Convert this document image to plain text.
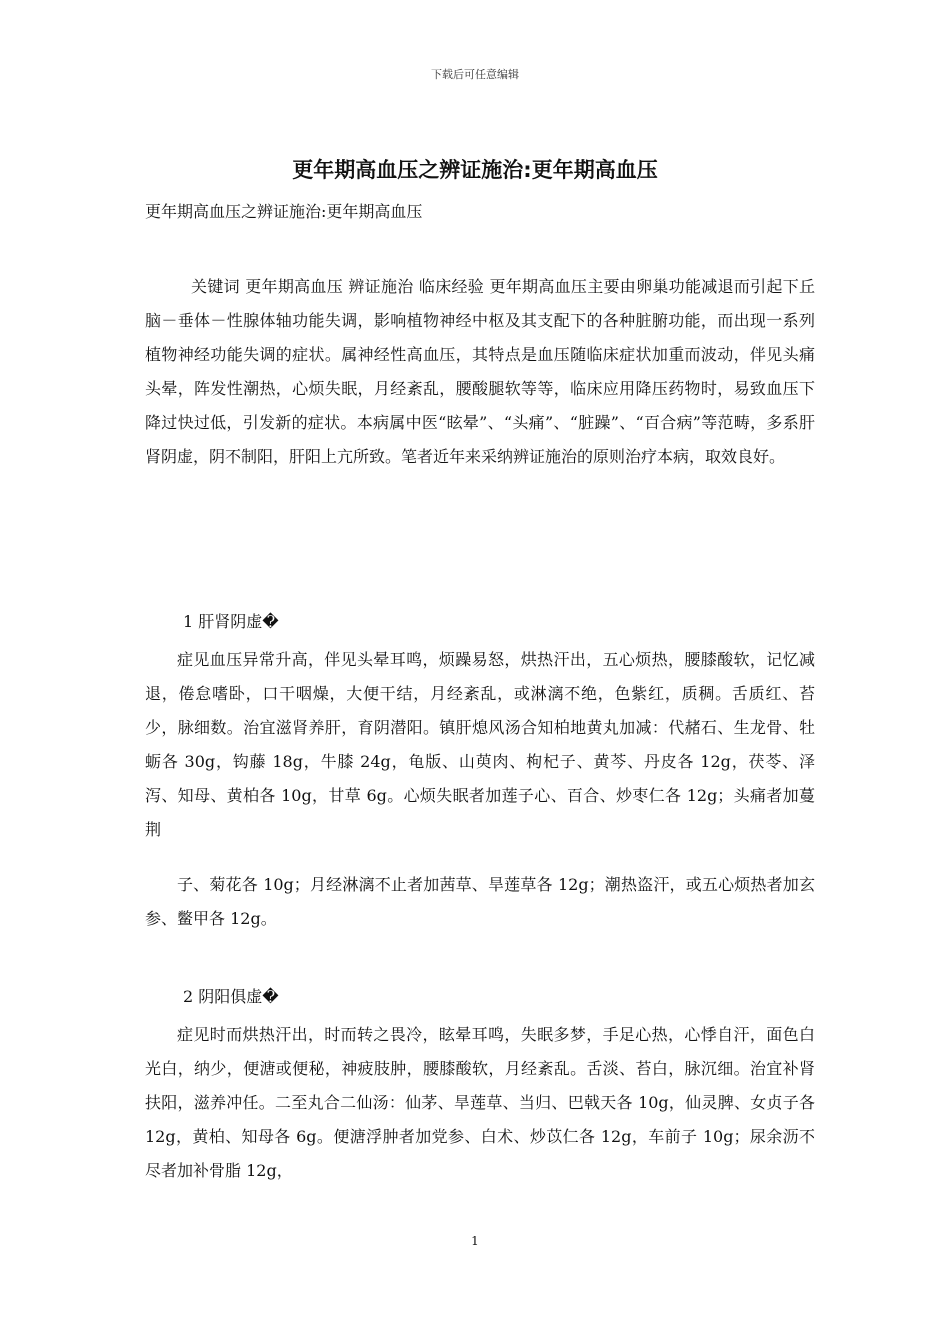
下载后可任意编辑
更年期高血压之辨证施治:更年期高血压
更年期高血压之辨证施治:更年期高血压

关键词 更年期高血压 辨证施治 临床经验 更年期高血压主要由卵巢功能减退而引起下丘脑－垂体－性腺体轴功能失调，影响植物神经中枢及其支配下的各种脏腑功能，而出现一系列植物神经功能失调的症状。属神经性高血压，其特点是血压随临床症状加重而波动，伴见头痛头晕，阵发性潮热，心烦失眠，月经紊乱，腰酸腿软等等，临床应用降压药物时，易致血压下降过快过低，引发新的症状。本病属中医“眩晕”、“头痛”、“脏躁”、“百合病”等范畴，多系肝肾阴虚，阴不制阳，肝阳上亢所致。笔者近年来采纳辨证施治的原则治疗本病，取效良好。

1 肝肾阴虚�

症见血压异常升高，伴见头晕耳鸣，烦躁易怒，烘热汗出，五心烦热，腰膝酸软，记忆减退，倦怠嗜卧，口干咽燥，大便干结，月经紊乱，或淋漓不绝，色紫红，质稠。舌质红、苔少，脉细数。治宜滋肾养肝，育阴潜阳。镇肝熄风汤合知柏地黄丸加减：代赭石、生龙骨、牡蛎各 30g，钩藤 18g，牛膝 24g，龟版、山萸肉、枸杞子、黄芩、丹皮各 12g，茯苓、泽泻、知母、黄柏各 10g，甘草 6g。心烦失眠者加莲子心、百合、炒枣仁各 12g；头痛者加蔓荆

子、菊花各 10g；月经淋漓不止者加茜草、旱莲草各 12g；潮热盗汗，或五心烦热者加玄参、鳖甲各 12g。

2 阴阳俱虚�

症见时而烘热汗出，时而转之畏冷，眩晕耳鸣，失眠多梦，手足心热，心悸自汗，面色白光白，纳少，便溏或便秘，神疲肢肿，腰膝酸软，月经紊乱。舌淡、苔白，脉沉细。治宜补肾扶阳，滋养冲任。二至丸合二仙汤：仙茅、旱莲草、当归、巴戟天各 10g，仙灵脾、女贞子各 12g，黄柏、知母各 6g。便溏浮肿者加党参、白术、炒苡仁各 12g，车前子 10g；尿余沥不尽者加补骨脂 12g，

1
